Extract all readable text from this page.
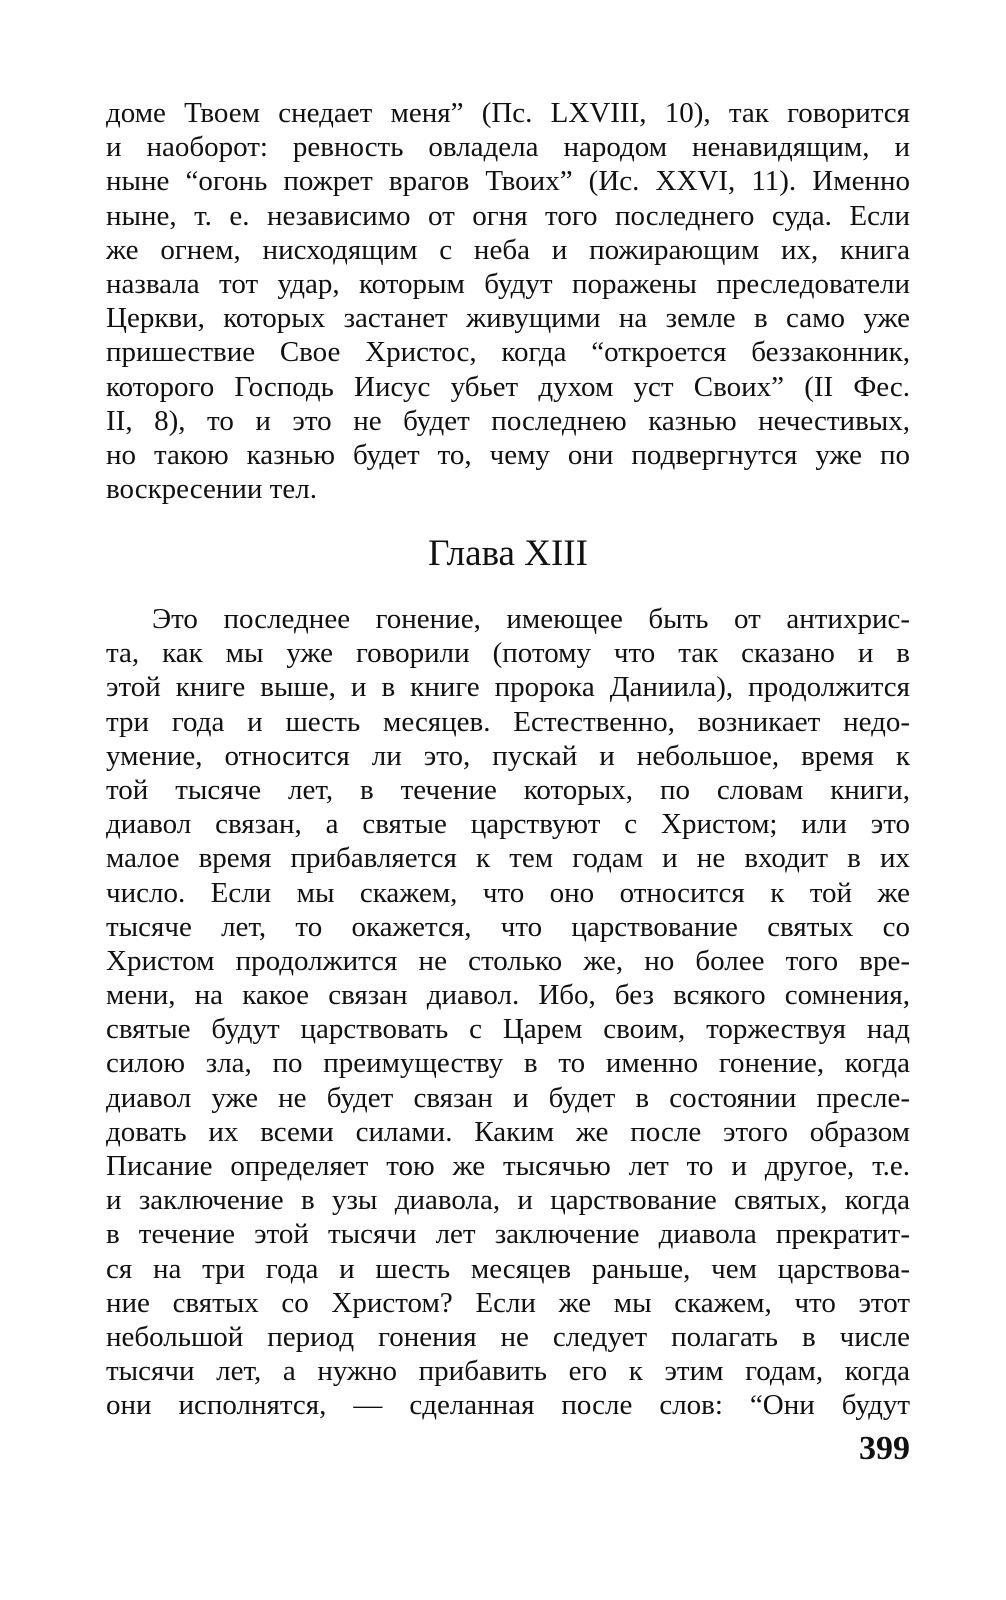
доме Твоем снедает меня” (Пс. LXVIII, 10), так говорится
и наоборот: ревность овладела народом ненавидящим, и
ныне “огонь пожрет врагов Твоих” (Ис. XXVI, 11). Именно
ныне, т. е. независимо от огня того последнего суда. Если
же огнем, нисходящим с неба и пожирающим их, книга
назвала тот удар, которым будут поражены преследователи
Церкви, которых застанет живущими на земле в само уже
пришествие Свое Христос, когда “откроется беззаконник,
которого Господь Иисус убьет духом уст Своих” (II Фес.
II, 8), то и это не будет последнею казнью нечестивых,
но такою казнью будет то, чему они подвергнутся уже по
воскресении тел.
Глава XIII
Это последнее гонение, имеющее быть от антихрис-
та, как мы уже говорили (потому что так сказано и в
этой книге выше, и в книге пророка Даниила), продолжится
три года и шесть месяцев. Естественно, возникает недо-
умение, относится ли это, пускай и небольшое, время к
той тысяче лет, в течение которых, по словам книги,
диавол связан, а святые царствуют с Христом; или это
малое время прибавляется к тем годам и не входит в их
число. Если мы скажем, что оно относится к той же
тысяче лет, то окажется, что царствование святых со
Христом продолжится не столько же, но более того вре-
мени, на какое связан диавол. Ибо, без всякого сомнения,
святые будут царствовать с Царем своим, торжествуя над
силою зла, по преимуществу в то именно гонение, когда
диавол уже не будет связан и будет в состоянии пресле-
довать их всеми силами. Каким же после этого образом
Писание определяет тою же тысячью лет то и другое, т.е.
и заключение в узы диавола, и царствование святых, когда
в течение этой тысячи лет заключение диавола прекратит-
ся на три года и шесть месяцев раньше, чем царствова-
ние святых со Христом? Если же мы скажем, что этот
небольшой период гонения не следует полагать в числе
тысячи лет, а нужно прибавить его к этим годам, когда
они исполнятся, — сделанная после слов: “Они будут
399
